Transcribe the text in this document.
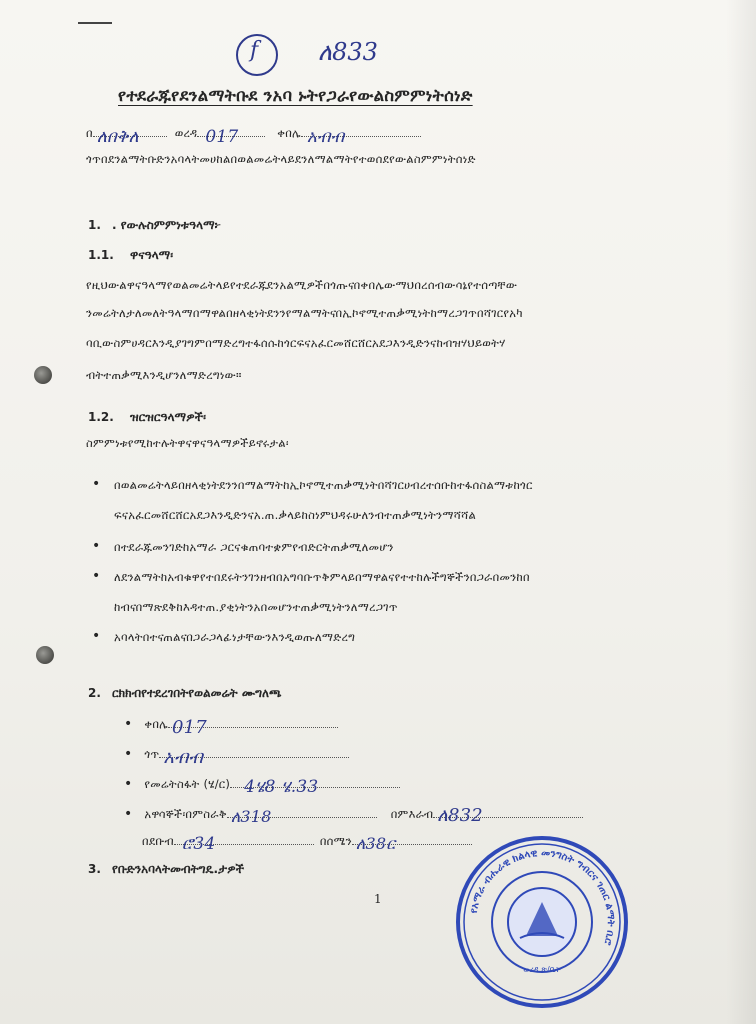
f ለ833
የተደራጁየደንልማትቡደ ንአባ ኑትየጋራየውልስምምነትሰነድ
በ ለበቅለ	ወረዳ 017	ቀበሌ አብብ
ጎጥበደንልማትቡድንአባላትመሀከልበወልመሬትላይደንለማልማትየተወሰደየውልስምምነትሰነድ
1. . የውሉስምምነቱዓላማ፦
1.1. ዋናዓላማ፡
የዚህውልዋናዓላማየወልመሬትላይየተደራጁደንአልሚዎችበጎጡናበቀበሌውማህበረሰብውሳኔየተሰጣቸው
ንመሬትለታለመለትዓላማበማዋልበዘላቂነትደንንየማልማትናበኢኮኖሚተጠቃሚነትከማረጋገጥበሻገርየአካ
ባቢውስምሀዳርእንዲያገግምበማድረግተፋሰሱከጎርፍናአፈርመሸርሸርአደጋእንዲድንናከብዝሃህይወትሃ
ብትተጠቃሚእንዲሆንለማድረግነው።
1.2. ዝርዝርዓላማዎች፡
ስምምነቱየሚከተሉትዋናዋናዓላማዎችይኖሩታል፡
• በወልመሬትላይበዘላቂነትደንንበማልማትከኢኮኖሚተጠቃሚነትበሻገርሀብረተሰቡከተፋሰስልማቱከጎር
ፍናአፈርመሸርሸርአደጋእንዲድንናአ.ጠ.ቃላይከስነምህዳሩሁለንብተጠቃሚነትንማሻሻል
• በተደራጁመንገድከአማራ ጋርናቁጠባተቋምየብድርትጠቃሚለመሆን
• ለደንልማትከአብቁዋየተበደሩትንገንዘብበአግባቡጥቅምላይበማዋልናየተተከሉችግኞችንበጋራበመንከበ
ከብናበማጽደቅከእዳተጠ.ያቂነትንአበመሆንተጠቃሚነትንለማረጋገጥ
• አባላትበተናጠልናበጋራጋላፊነታቸውንእንዲወጡለማድረግ
2. ርክክብየተደረገበትየወልመሬት ሙግለጫ
• ቀበሌ 017
• ጎጥ አብብ
• የመሬትስፋት (ሄ/ር) 4ሄ8 ሄ.33
• አዋሳኞች፡በምስራቅ ለ318	በምእራብ ለ832
በደቡብ ሮ34	በሰሜን ለ38ር
3. የቡድንአባላትመብትግዴ.ታዎች
1
የአማራ ብሔራዊ ክልላዊ መንግስት ግብርና ገጠር ልማት ቢሮ
ወረዳ ጽ/ቤት
